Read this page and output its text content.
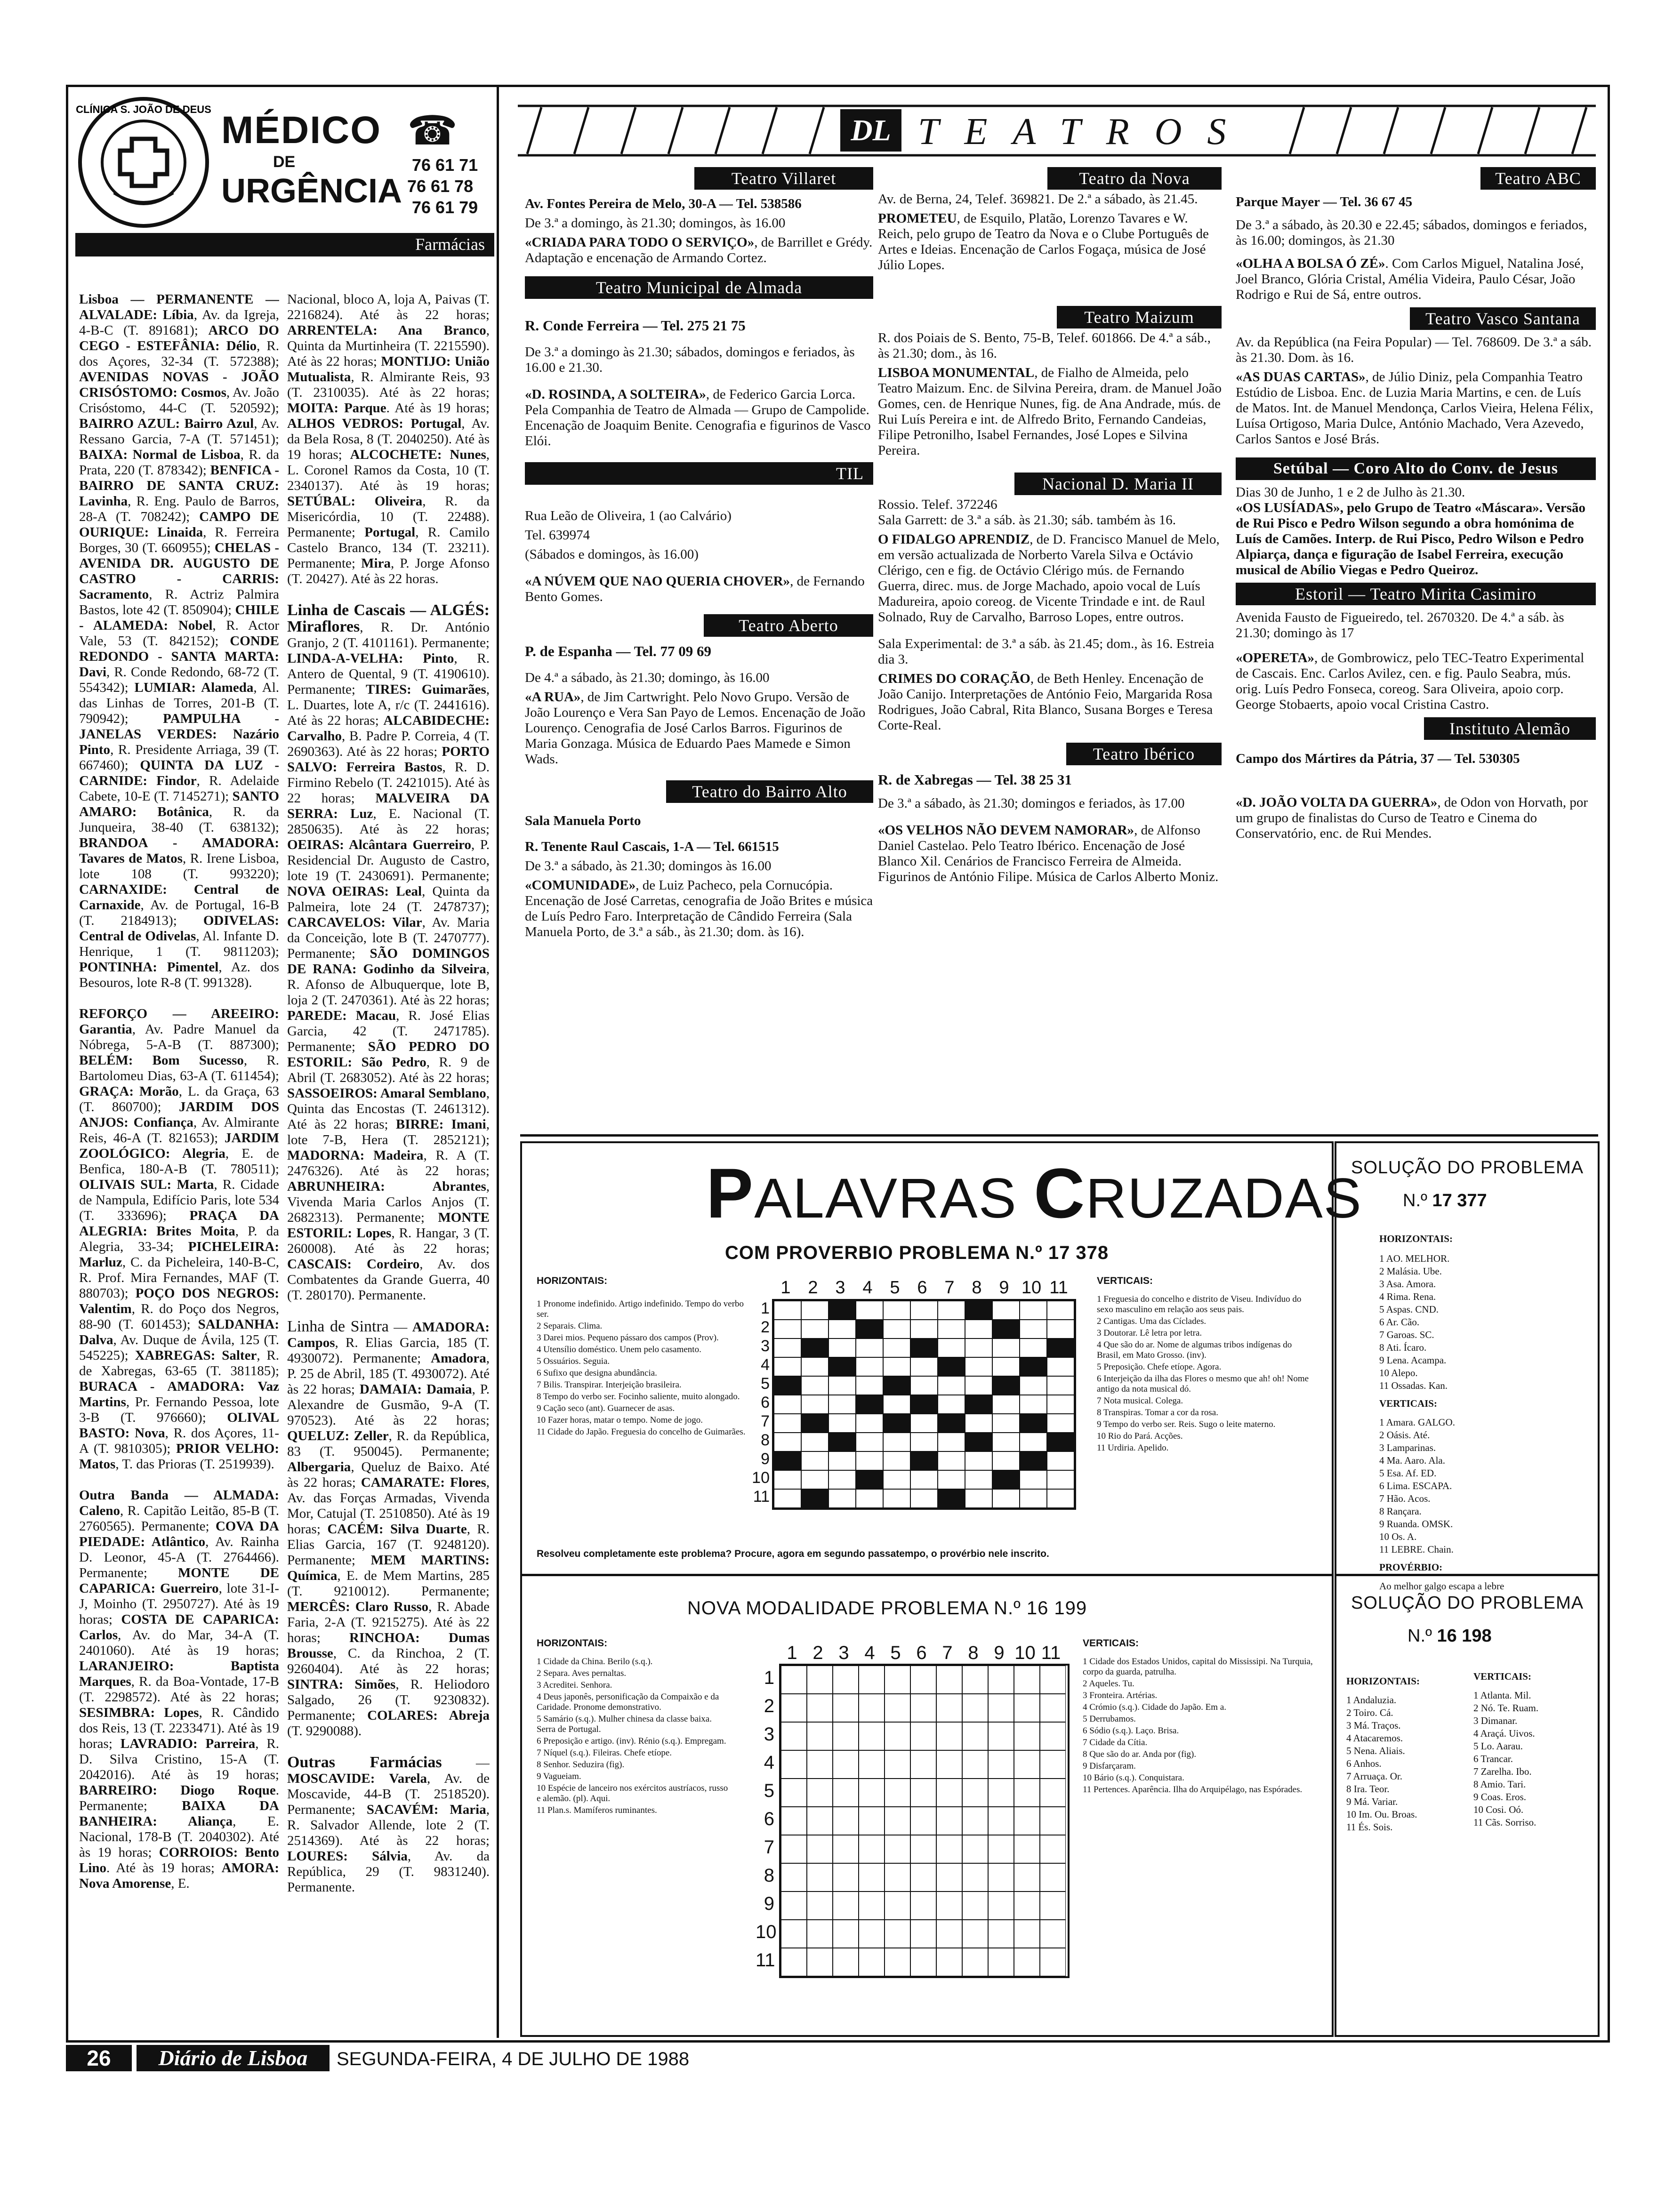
CLÍNICA S. JOÃO DE DEUS MÉDICO
DE
URGÊNCIA
☎
76 61 71
76 61 78
76 61 79
Farmácias
Lisboa — PERMANENTE — ALVALADE: Líbia, Av. da Igreja, 4-B-C (T. 891681); ARCO DO CEGO - ESTEFÂNIA: Délio, R. dos Açores, 32-34 (T. 572388); AVENIDAS NOVAS - JOÃO CRISÓSTOMO: Cosmos, Av. João Crisóstomo, 44-C (T. 520592); BAIRRO AZUL: Bairro Azul, Av. Ressano Garcia, 7-A (T. 571451); BAIXA: Normal de Lisboa, R. da Prata, 220 (T. 878342); BENFICA - BAIRRO DE SANTA CRUZ: Lavinha, R. Eng. Paulo de Barros, 28-A (T. 708242); CAMPO DE OURIQUE: Linaida, R. Ferreira Borges, 30 (T. 660955); CHELAS - AVENIDA DR. AUGUSTO DE CASTRO - CARRIS: Sacramento, R. Actriz Palmira Bastos, lote 42 (T. 850904); CHILE - ALAMEDA: Nobel, R. Actor Vale, 53 (T. 842152); CONDE REDONDO - SANTA MARTA: Davi, R. Conde Redondo, 68-72 (T. 554342); LUMIAR: Alameda, Al. das Linhas de Torres, 201-B (T. 790942); PAMPULHA - JANELAS VERDES: Nazário Pinto, R. Presidente Arriaga, 39 (T. 667460); QUINTA DA LUZ - CARNIDE: Findor, R. Adelaide Cabete, 10-E (T. 7145271); SANTO AMARO: Botânica, R. da Junqueira, 38-40 (T. 638132); BRANDOA - AMADORA: Tavares de Matos, R. Irene Lisboa, lote 108 (T. 993220); CARNAXIDE: Central de Carnaxide, Av. de Portugal, 16-B (T. 2184913); ODIVELAS: Central de Odivelas, Al. Infante D. Henrique, 1 (T. 9811203); PONTINHA: Pimentel, Az. dos Besouros, lote R-8 (T. 991328).

REFORÇO — AREEIRO: Garantia, Av. Padre Manuel da Nóbrega, 5-A-B (T. 887300); BELÉM: Bom Sucesso, R. Bartolomeu Dias, 63-A (T. 611454); GRAÇA: Morão, L. da Graça, 63 (T. 860700); JARDIM DOS ANJOS: Confiança, Av. Almirante Reis, 46-A (T. 821653); JARDIM ZOOLÓGICO: Alegria, E. de Benfica, 180-A-B (T. 780511); OLIVAIS SUL: Marta, R. Cidade de Nampula, Edifício Paris, lote 534 (T. 333696); PRAÇA DA ALEGRIA: Brites Moita, P. da Alegria, 33-34; PICHELEIRA: Marluz, C. da Picheleira, 140-B-C, R. Prof. Mira Fernandes, MAF (T. 880703); POÇO DOS NEGROS: Valentim, R. do Poço dos Negros, 88-90 (T. 601453); SALDANHA: Dalva, Av. Duque de Ávila, 125 (T. 545225); XABREGAS: Salter, R. de Xabregas, 63-65 (T. 381185); BURACA - AMADORA: Vaz Martins, Pr. Fernando Pessoa, lote 3-B (T. 976660); OLIVAL BASTO: Nova, R. dos Açores, 11-A (T. 9810305); PRIOR VELHO: Matos, T. das Prioras (T. 2519939).

Outra Banda — ALMADA: Caleno, R. Capitão Leitão, 85-B (T. 2760565). Permanente; COVA DA PIEDADE: Atlântico, Av. Rainha D. Leonor, 45-A (T. 2764466). Permanente; MONTE DE CAPARICA: Guerreiro, lote 31-I-J, Moinho (T. 2950727). Até às 19 horas; COSTA DE CAPARICA: Carlos, Av. do Mar, 34-A (T. 2401060). Até às 19 horas; LARANJEIRO: Baptista Marques, R. da Boa-Vontade, 17-B (T. 2298572). Até às 22 horas; SESIMBRA: Lopes, R. Cândido dos Reis, 13 (T. 2233471). Até às 19 horas; LAVRADIO: Parreira, R. D. Silva Cristino, 15-A (T. 2042016). Até às 19 horas; BARREIRO: Diogo Roque. Permanente; BAIXA DA BANHEIRA: Aliança, E. Nacional, 178-B (T. 2040302). Até às 19 horas; CORROIOS: Bento Lino. Até às 19 horas; AMORA: Nova Amorense, E.
Nacional, bloco A, loja A, Paivas (T. 2216824). Até às 22 horas; ARRENTELA: Ana Branco, Quinta da Murtinheira (T. 2215590). Até às 22 horas; MONTIJO: União Mutualista, R. Almirante Reis, 93 (T. 2310035). Até às 22 horas; MOITA: Parque. Até às 19 horas; ALHOS VEDROS: Portugal, Av. da Bela Rosa, 8 (T. 2040250). Até às 19 horas; ALCOCHETE: Nunes, L. Coronel Ramos da Costa, 10 (T. 2340137). Até às 19 horas; SETÚBAL: Oliveira, R. da Misericórdia, 10 (T. 22488). Permanente; Portugal, R. Camilo Castelo Branco, 134 (T. 23211). Permanente; Mira, P. Jorge Afonso (T. 20427). Até às 22 horas.

Linha de Cascais — ALGÉS: Miraflores, R. Dr. António Granjo, 2 (T. 4101161). Permanente; LINDA-A-VELHA: Pinto, R. Antero de Quental, 9 (T. 4190610). Permanente; TIRES: Guimarães, L. Duartes, lote A, r/c (T. 2441616). Até às 22 horas; ALCABIDECHE: Carvalho, B. Padre P. Correia, 4 (T. 2690363). Até às 22 horas; PORTO SALVO: Ferreira Bastos, R. D. Firmino Rebelo (T. 2421015). Até às 22 horas; MALVEIRA DA SERRA: Luz, E. Nacional (T. 2850635). Até às 22 horas; OEIRAS: Alcântara Guerreiro, P. Residencial Dr. Augusto de Castro, lote 19 (T. 2430691). Permanente; NOVA OEIRAS: Leal, Quinta da Palmeira, lote 24 (T. 2478737); CARCAVELOS: Vilar, Av. Maria da Conceição, lote B (T. 2470777). Permanente; SÃO DOMINGOS DE RANA: Godinho da Silveira, R. Afonso de Albuquerque, lote B, loja 2 (T. 2470361). Até às 22 horas; PAREDE: Macau, R. José Elias Garcia, 42 (T. 2471785). Permanente; SÃO PEDRO DO ESTORIL: São Pedro, R. 9 de Abril (T. 2683052). Até às 22 horas; SASSOEIROS: Amaral Semblano, Quinta das Encostas (T. 2461312). Até às 22 horas; BIRRE: Imani, lote 7-B, Hera (T. 2852121); MADORNA: Madeira, R. A (T. 2476326). Até às 22 horas; ABRUNHEIRA: Abrantes, Vivenda Maria Carlos Anjos (T. 2682313). Permanente; MONTE ESTORIL: Lopes, R. Hangar, 3 (T. 260008). Até às 22 horas; CASCAIS: Cordeiro, Av. dos Combatentes da Grande Guerra, 40 (T. 280170). Permanente.

Linha de Sintra — AMADORA: Campos, R. Elias Garcia, 185 (T. 4930072). Permanente; Amadora, P. 25 de Abril, 185 (T. 4930072). Até às 22 horas; DAMAIA: Damaia, P. Alexandre de Gusmão, 9-A (T. 970523). Até às 22 horas; QUELUZ: Zeller, R. da República, 83 (T. 950045). Permanente; Albergaria, Queluz de Baixo. Até às 22 horas; CAMARATE: Flores, Av. das Forças Armadas, Vivenda Mor, Catujal (T. 2510850). Até às 19 horas; CACÉM: Silva Duarte, R. Elias Garcia, 167 (T. 9248120). Permanente; MEM MARTINS: Química, E. de Mem Martins, 285 (T. 9210012). Permanente; MERCÊS: Claro Russo, R. Abade Faria, 2-A (T. 9215275). Até às 22 horas; RINCHOA: Dumas Brousse, C. da Rinchoa, 2 (T. 9260404). Até às 22 horas; SINTRA: Simões, R. Heliodoro Salgado, 26 (T. 9230832). Permanente; COLARES: Abreja (T. 9290088).

Outras Farmácias — MOSCAVIDE: Varela, Av. de Moscavide, 44-B (T. 2518520). Permanente; SACAVÉM: Maria, R. Salvador Allende, lote 2 (T. 2514369). Até às 22 horas; LOURES: Sálvia, Av. da República, 29 (T. 9831240). Permanente.
DL TEATROS
Teatro Villaret

Av. Fontes Pereira de Melo, 30-A — Tel. 538586

De 3.ª a domingo, às 21.30; domingos, às 16.00

«CRIADA PARA TODO O SERVIÇO», de Barrillet e Grédy. Adaptação e encenação de Armando Cortez.

Teatro Municipal de Almada

R. Conde Ferreira — Tel. 275 21 75

De 3.ª a domingo às 21.30; sábados, domingos e feriados, às 16.00 e 21.30.

«D. ROSINDA, A SOLTEIRA», de Federico Garcia Lorca. Pela Companhia de Teatro de Almada — Grupo de Campolide. Encenação de Joaquim Benite. Cenografia e figurinos de Vasco Elói.

TIL

Rua Leão de Oliveira, 1 (ao Calvário)

Tel. 639974

(Sábados e domingos, às 16.00)

«A NÚVEM QUE NAO QUERIA CHOVER», de Fernando Bento Gomes.

Teatro Aberto

P. de Espanha — Tel. 77 09 69

De 4.ª a sábado, às 21.30; domingo, às 16.00

«A RUA», de Jim Cartwright. Pelo Novo Grupo. Versão de João Lourenço e Vera San Payo de Lemos. Encenação de João Lourenço. Cenografia de José Carlos Barros. Figurinos de Maria Gonzaga. Música de Eduardo Paes Mamede e Simon Wads.

Teatro do Bairro Alto

Sala Manuela Porto

R. Tenente Raul Cascais, 1-A — Tel. 661515

De 3.ª a sábado, às 21.30; domingos às 16.00

«COMUNIDADE», de Luiz Pacheco, pela Cornucópia. Encenação de José Carretas, cenografia de João Brites e música de Luís Pedro Faro. Interpretação de Cândido Ferreira (Sala Manuela Porto, de 3.ª a sáb., às 21.30; dom. às 16).

Teatro da Nova

Av. de Berna, 24, Telef. 369821. De 2.ª a sábado, às 21.45.

PROMETEU, de Esquilo, Platão, Lorenzo Tavares e W. Reich, pelo grupo de Teatro da Nova e o Clube Português de Artes e Ideias. Encenação de Carlos Fogaça, música de José Júlio Lopes.

Teatro Maizum

R. dos Poiais de S. Bento, 75-B, Telef. 601866. De 4.ª a sáb., às 21.30; dom., às 16.

LISBOA MONUMENTAL, de Fialho de Almeida, pelo Teatro Maizum. Enc. de Silvina Pereira, dram. de Manuel João Gomes, cen. de Henrique Nunes, fig. de Ana Andrade, mús. de Rui Luís Pereira e int. de Alfredo Brito, Fernando Candeias, Filipe Petronilho, Isabel Fernandes, José Lopes e Silvina Pereira.

Nacional D. Maria II

Rossio. Telef. 372246

Sala Garrett: de 3.ª a sáb. às 21.30; sáb. também às 16.

O FIDALGO APRENDIZ, de D. Francisco Manuel de Melo, em versão actualizada de Norberto Varela Silva e Octávio Clérigo, cen e fig. de Octávio Clérigo mús. de Fernando Guerra, direc. mus. de Jorge Machado, apoio vocal de Luís Madureira, apoio coreog. de Vicente Trindade e int. de Raul Solnado, Ruy de Carvalho, Barroso Lopes, entre outros.

Sala Experimental: de 3.ª a sáb. às 21.45; dom., às 16. Estreia dia 3.

CRIMES DO CORAÇÃO, de Beth Henley. Encenação de João Canijo. Interpretações de António Feio, Margarida Rosa Rodrigues, João Cabral, Rita Blanco, Susana Borges e Teresa Corte-Real.

Teatro Ibérico

R. de Xabregas — Tel. 38 25 31

De 3.ª a sábado, às 21.30; domingos e feriados, às 17.00

«OS VELHOS NÃO DEVEM NAMORAR», de Alfonso Daniel Castelao. Pelo Teatro Ibérico. Encenação de José Blanco Xil. Cenários de Francisco Ferreira de Almeida. Figurinos de António Filipe. Música de Carlos Alberto Moniz.

Teatro ABC

Parque Mayer — Tel. 36 67 45

De 3.ª a sábado, às 20.30 e 22.45; sábados, domingos e feriados, às 16.00; domingos, às 21.30

«OLHA A BOLSA Ó ZÉ». Com Carlos Miguel, Natalina José, Joel Branco, Glória Cristal, Amélia Videira, Paulo César, João Rodrigo e Rui de Sá, entre outros.

Teatro Vasco Santana

Av. da República (na Feira Popular) — Tel. 768609. De 3.ª a sáb. às 21.30. Dom. às 16.

«AS DUAS CARTAS», de Júlio Diniz, pela Companhia Teatro Estúdio de Lisboa. Enc. de Luzia Maria Martins, e cen. de Luís de Matos. Int. de Manuel Mendonça, Carlos Vieira, Helena Félix, Luísa Ortigoso, Maria Dulce, António Machado, Vera Azevedo, Carlos Santos e José Brás.

Setúbal — Coro Alto do Conv. de Jesus

Dias 30 de Junho, 1 e 2 de Julho às 21.30.

«OS LUSÍADAS», pelo Grupo de Teatro «Máscara». Versão de Rui Pisco e Pedro Wilson segundo a obra homónima de Luís de Camões. Interp. de Rui Pisco, Pedro Wilson e Pedro Alpiarça, dança e figuração de Isabel Ferreira, execução musical de Abílio Viegas e Pedro Queiroz.

Estoril — Teatro Mirita Casimiro

Avenida Fausto de Figueiredo, tel. 2670320. De 4.ª a sáb. às 21.30; domingo às 17

«OPERETA», de Gombrowicz, pelo TEC-Teatro Experimental de Cascais. Enc. Carlos Avilez, cen. e fig. Paulo Seabra, mús. orig. Luís Pedro Fonseca, coreog. Sara Oliveira, apoio corp. George Stobaerts, apoio vocal Cristina Castro.

Instituto Alemão

Campo dos Mártires da Pátria, 37 — Tel. 530305

«D. JOÃO VOLTA DA GUERRA», de Odon von Horvath, por um grupo de finalistas do Curso de Teatro e Cinema do Conservatório, enc. de Rui Mendes.

PALAVRAS CRUZADAS
COM PROVERBIO PROBLEMA N.º 17 378
HORIZONTAIS:
1 Pronome indefinido. Artigo indefinido. Tempo do verbo ser.
2 Separais. Clima.
3 Darei mios. Pequeno pássaro dos campos (Prov).
4 Utensílio doméstico. Unem pelo casamento.
5 Ossuários. Seguia.
6 Sufixo que designa abundância.
7 Bilis. Transpirar. Interjeição brasileira.
8 Tempo do verbo ser. Focinho saliente, muito alongado.
9 Cação seco (ant). Guarnecer de asas.
10 Fazer horas, matar o tempo. Nome de jogo.
11 Cidade do Japão. Freguesia do concelho de Guimarães.
VERTICAIS:
1 Freguesia do concelho e distrito de Viseu. Indivíduo do sexo masculino em relação aos seus pais.
2 Cantigas. Uma das Cíclades.
3 Doutorar. Lê letra por letra.
4 Que são do ar. Nome de algumas tribos indígenas do Brasil, em Mato Grosso. (inv).
5 Preposição. Chefe etíope. Agora.
6 Interjeição da ilha das Flores o mesmo que ah! oh! Nome antigo da nota musical dó.
7 Nota musical. Colega.
8 Transpiras. Tomar a cor da rosa.
9 Tempo do verbo ser. Reis. Sugo o leite materno.
10 Rio do Pará. Acções.
11 Urdiria. Apelido.
1 2 3 4 5 6 7 8 9 10 11
1
2
3
4
5
6
7
8
9
10
11
Resolveu completamente este problema? Procure, agora em segundo passatempo, o provérbio nele inscrito.
SOLUÇÃO DO PROBLEMA
N.º 17 377
HORIZONTAIS:
1 AO. MELHOR.
2 Malásia. Ube.
3 Asa. Amora.
4 Rima. Rena.
5 Aspas. CND.
6 Ar. Cão.
7 Garoas. SC.
8 Ati. Ícaro.
9 Lena. Acampa.
10 Alepo.
11 Ossadas. Kan.
VERTICAIS:
1 Amara. GALGO.
2 Oásis. Até.
3 Lamparinas.
4 Ma. Aaro. Ala.
5 Esa. Af. ED.
6 Lima. ESCAPA.
7 Hão. Acos.
8 Rançara.
9 Ruanda. OMSK.
10 Os. A.
11 LEBRE. Chain.
PROVÉRBIO:
Ao melhor galgo escapa a lebre
NOVA MODALIDADE PROBLEMA N.º 16 199
HORIZONTAIS:
1 Cidade da China. Berilo (s.q.).
2 Separa. Aves pernaltas.
3 Acreditei. Senhora.
4 Deus japonês, personificação da Compaixão e da Caridade. Pronome demonstrativo.
5 Samário (s.q.). Mulher chinesa da classe baixa. Serra de Portugal.
6 Preposição e artigo. (inv). Rénio (s.q.). Empregam.
7 Níquel (s.q.). Fileiras. Chefe etíope.
8 Senhor. Seduzira (fig).
9 Vagueiam.
10 Espécie de lanceiro nos exércitos austríacos, russo e alemão. (pl). Aqui.
11 Plan.s. Mamíferos ruminantes.
VERTICAIS:
1 Cidade dos Estados Unidos, capital do Mississipi. Na Turquia, corpo da guarda, patrulha.
2 Aqueles. Tu.
3 Fronteira. Artérias.
4 Crómio (s.q.). Cidade do Japão. Em a.
5 Derrubamos.
6 Sódio (s.q.). Laço. Brisa.
7 Cidade da Cítia.
8 Que são do ar. Anda por (fig).
9 Disfarçaram.
10 Bário (s.q.). Conquistara.
11 Pertences. Aparência. Ilha do Arquipélago, nas Espórades.
1 2 3 4 5 6 7 8 9 10 11
1
2
3
4
5
6
7
8
9
10
11
SOLUÇÃO DO PROBLEMA
N.º 16 198
HORIZONTAIS:
1 Andaluzia.
2 Toiro. Cá.
3 Má. Traços.
4 Atacaremos.
5 Nena. Aliais.
6 Anhos.
7 Arruaça. Or.
8 Ira. Teor.
9 Má. Variar.
10 Im. Ou. Broas.
11 És. Sois.
VERTICAIS:
1 Atlanta. Mil.
2 Nó. Te. Ruam.
3 Dimanar.
4 Araçá. Uivos.
5 Lo. Aarau.
6 Trancar.
7 Zarelha. Ibo.
8 Amio. Tari.
9 Coas. Eros.
10 Cosi. Oó.
11 Cãs. Sorriso.
26	Diário de Lisboa	SEGUNDA-FEIRA, 4 DE JULHO DE 1988
